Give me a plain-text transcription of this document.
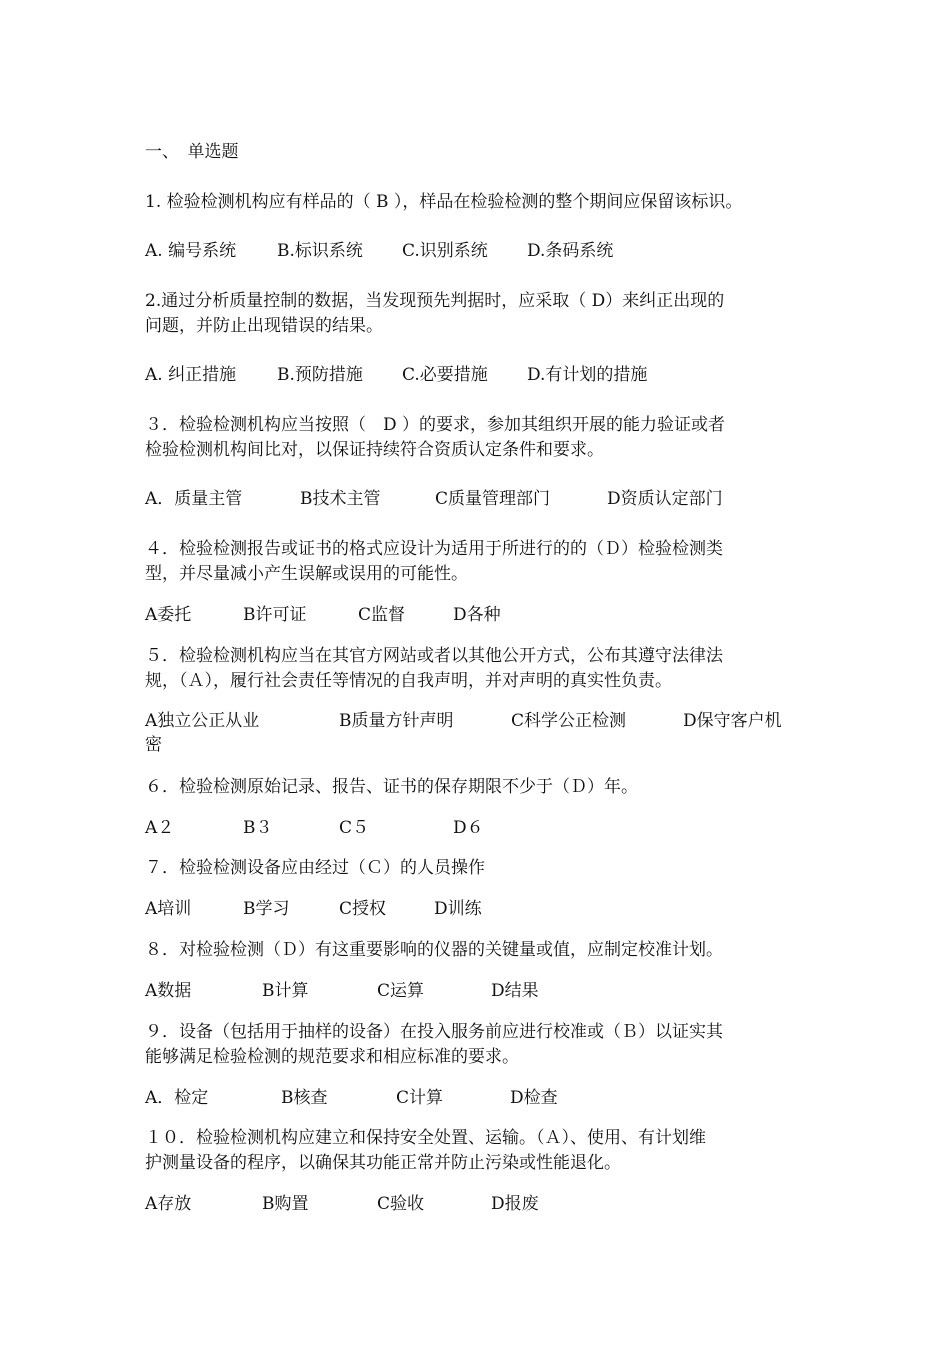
一、　单选题
1. 检验检测机构应有样品的（ B ），样品在检验检测的整个期间应保留该标识。
A. 编号系统 B.标识系统 C.识别系统 D.条码系统
2.通过分析质量控制的数据，当发现预先判据时，应采取（ D）来纠正出现的
问题，并防止出现错误的结果。
A. 纠正措施 B.预防措施 C.必要措施 D.有计划的措施
３．检验检测机构应当按照（　D ）的要求，参加其组织开展的能力验证或者
检验检测机构间比对，以保证持续符合资质认定条件和要求。
A．质量主管	B技术主管	C质量管理部门	D资质认定部门
４．检验检测报告或证书的格式应设计为适用于所进行的的（Ｄ）检验检测类
型，并尽量减小产生误解或误用的可能性。
A委托	B许可证	C监督	D各种
５．检验检测机构应当在其官方网站或者以其他公开方式，公布其遵守法律法
规，（Ａ），履行社会责任等情况的自我声明，并对声明的真实性负责。
A独立公正从业	B质量方针声明	C科学公正检测	D保守客户机
密
６．检验检测原始记录、报告、证书的保存期限不少于（Ｄ）年。
A２	B３	C５	D６
７．检验检测设备应由经过（Ｃ）的人员操作
A培训	B学习	C授权	D训练
８．对检验检测（Ｄ）有这重要影响的仪器的关键量或值，应制定校准计划。
A数据	B计算	C运算	D结果
９．设备（包括用于抽样的设备）在投入服务前应进行校准或（Ｂ）以证实其
能够满足检验检测的规范要求和相应标准的要求。
A．检定	B核查	C计算	D检查
１０．检验检测机构应建立和保持安全处置、运输。（Ａ）、使用、有计划维
护测量设备的程序，以确保其功能正常并防止污染或性能退化。
A存放	B购置	C验收	D报废
